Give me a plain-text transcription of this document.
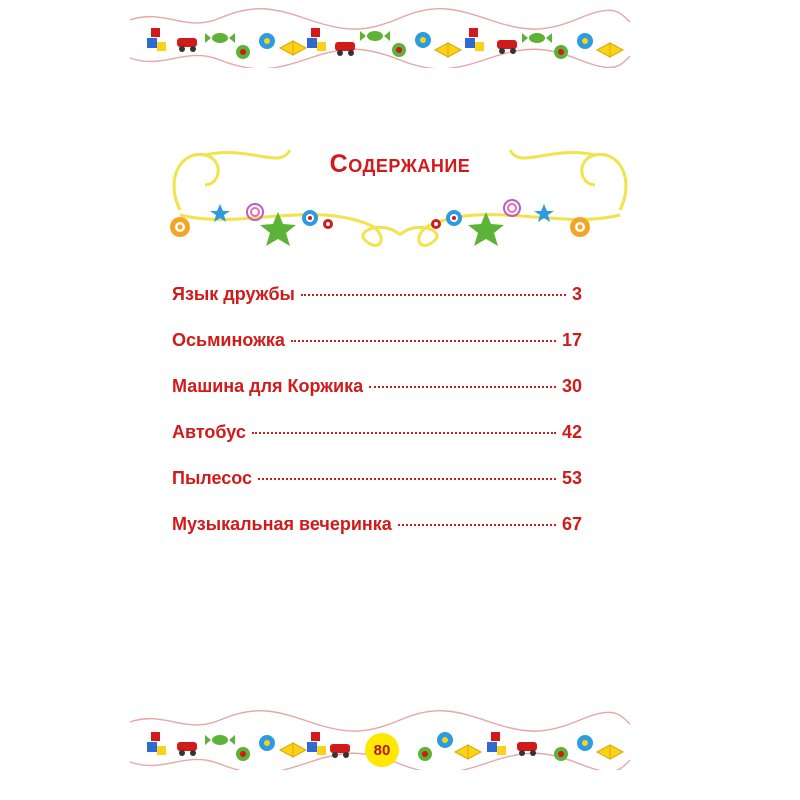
Содержание
Язык дружбы	3
Осьминожка	17
Машина для Коржика	30
Автобус	42
Пылесос	53
Музыкальная вечеринка	67
80
